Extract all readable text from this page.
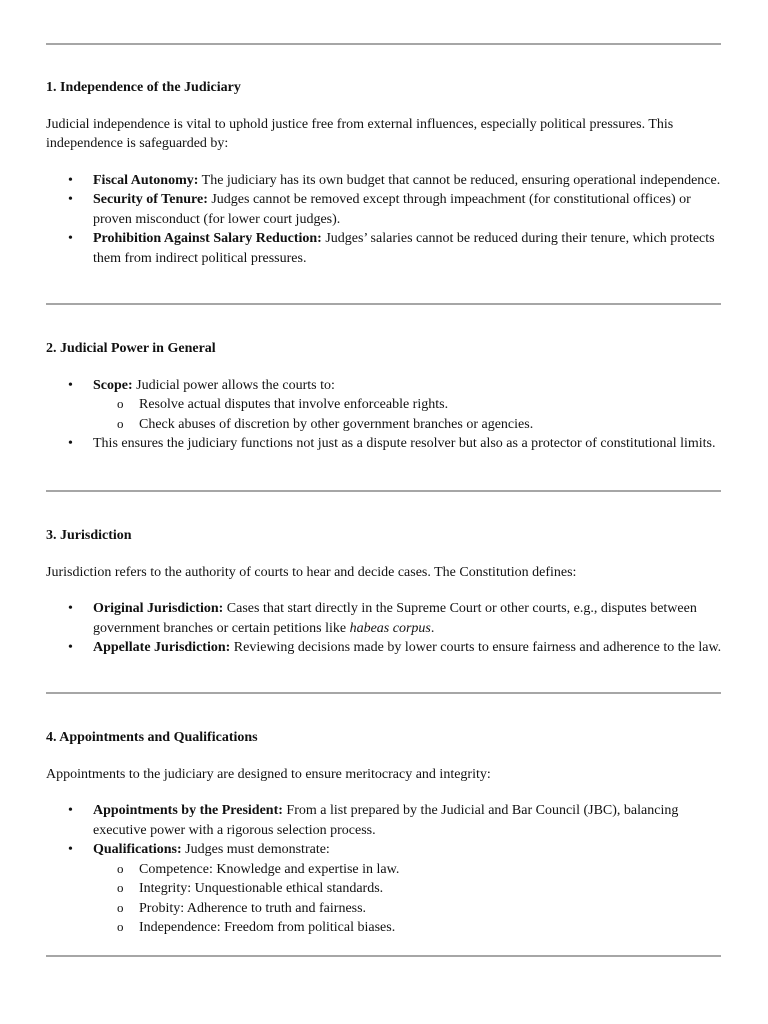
1. Independence of the Judiciary

Judicial independence is vital to uphold justice free from external influences, especially political pressures. This independence is safeguarded by:

• Fiscal Autonomy: The judiciary has its own budget that cannot be reduced, ensuring operational independence.
• Security of Tenure: Judges cannot be removed except through impeachment (for constitutional offices) or proven misconduct (for lower court judges).
• Prohibition Against Salary Reduction: Judges’ salaries cannot be reduced during their tenure, which protects them from indirect political pressures.
2. Judicial Power in General
• Scope: Judicial power allows the courts to:
o Resolve actual disputes that involve enforceable rights.
o Check abuses of discretion by other government branches or agencies.
• This ensures the judiciary functions not just as a dispute resolver but also as a protector of constitutional limits.
3. Jurisdiction

Jurisdiction refers to the authority of courts to hear and decide cases. The Constitution defines:

• Original Jurisdiction: Cases that start directly in the Supreme Court or other courts, e.g., disputes between government branches or certain petitions like habeas corpus.
• Appellate Jurisdiction: Reviewing decisions made by lower courts to ensure fairness and adherence to the law.
4. Appointments and Qualifications

Appointments to the judiciary are designed to ensure meritocracy and integrity:

• Appointments by the President: From a list prepared by the Judicial and Bar Council (JBC), balancing executive power with a rigorous selection process.
• Qualifications: Judges must demonstrate:
o Competence: Knowledge and expertise in law.
o Integrity: Unquestionable ethical standards.
o Probity: Adherence to truth and fairness.
o Independence: Freedom from political biases.
